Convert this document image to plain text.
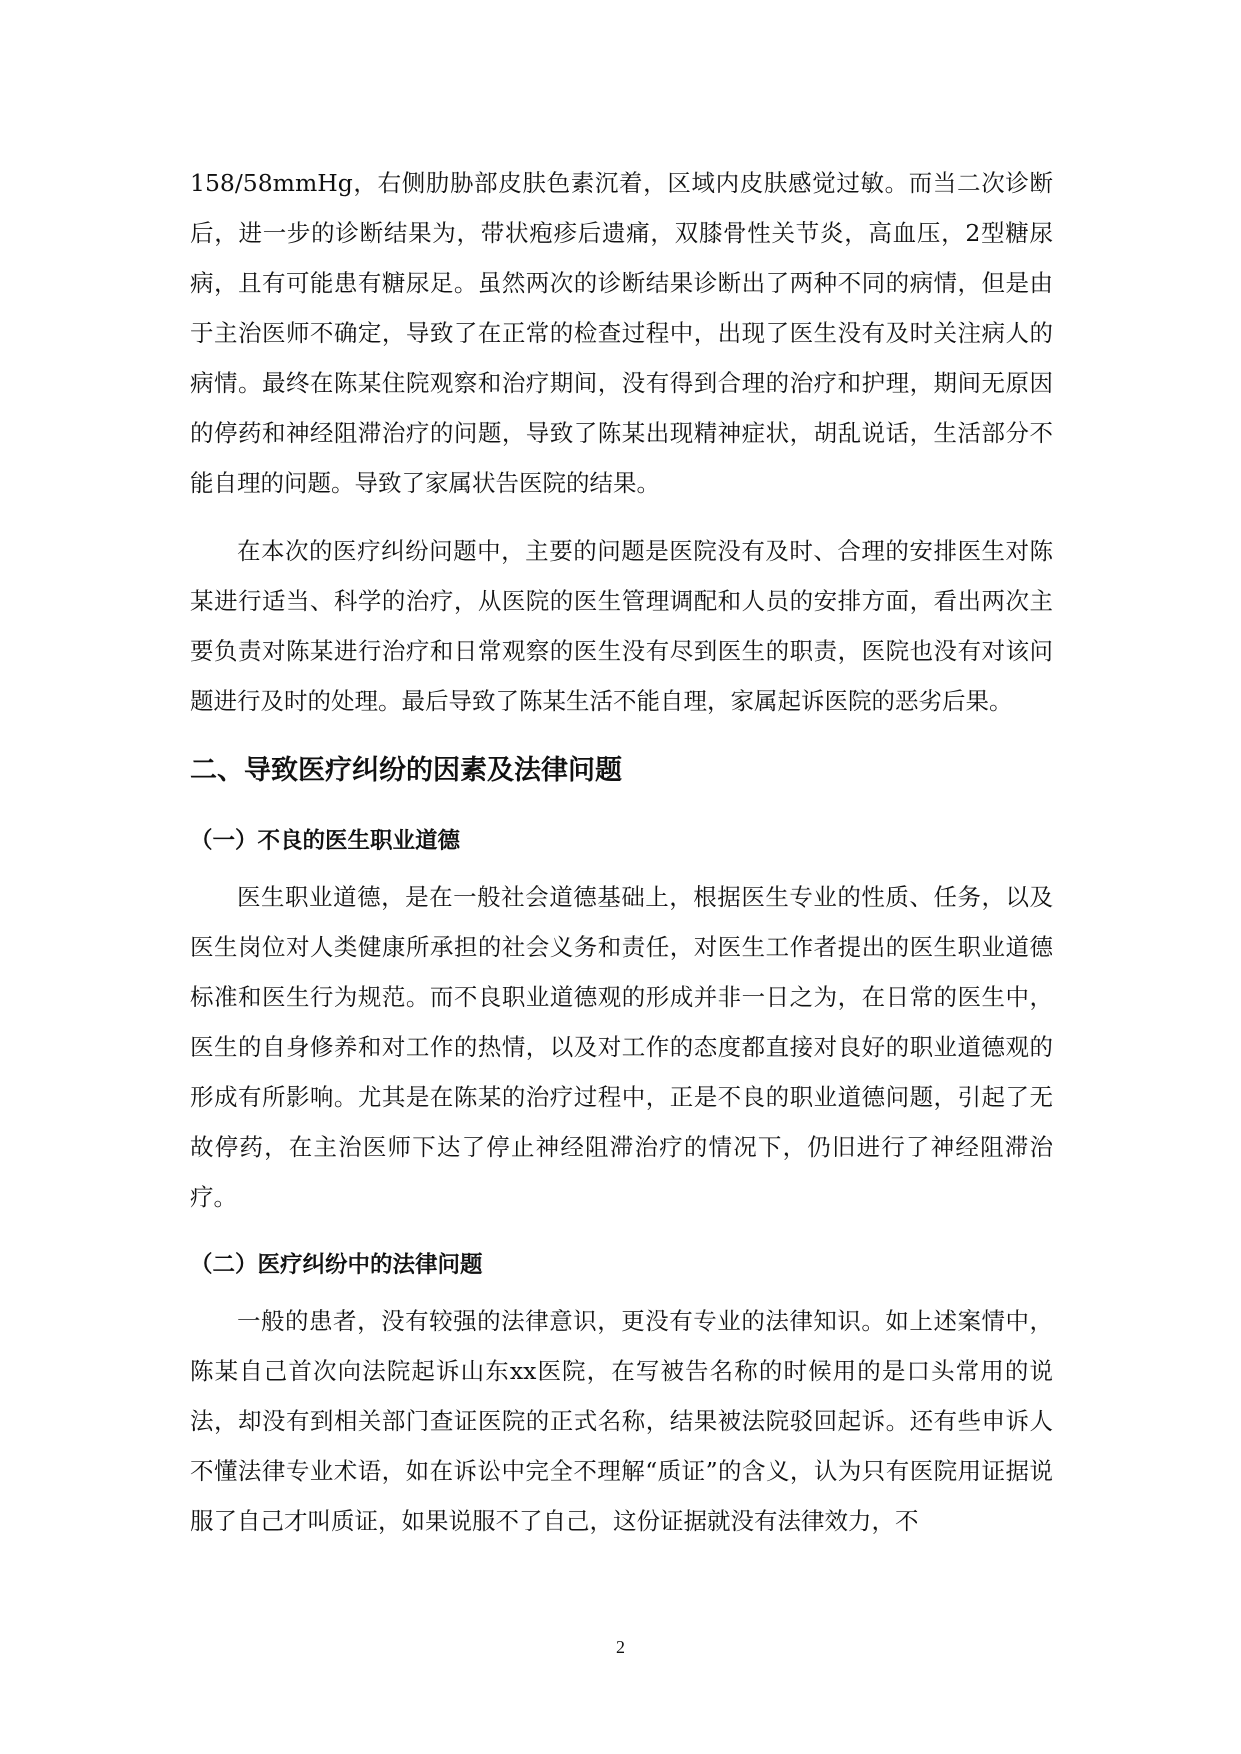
158/58mmHg，右侧肋胁部皮肤色素沉着，区域内皮肤感觉过敏。而当二次诊断后，进一步的诊断结果为，带状疱疹后遗痛，双膝骨性关节炎，高血压，2型糖尿病，且有可能患有糖尿足。虽然两次的诊断结果诊断出了两种不同的病情，但是由于主治医师不确定，导致了在正常的检查过程中，出现了医生没有及时关注病人的病情。最终在陈某住院观察和治疗期间，没有得到合理的治疗和护理，期间无原因的停药和神经阻滞治疗的问题，导致了陈某出现精神症状，胡乱说话，生活部分不能自理的问题。导致了家属状告医院的结果。

在本次的医疗纠纷问题中，主要的问题是医院没有及时、合理的安排医生对陈某进行适当、科学的治疗，从医院的医生管理调配和人员的安排方面，看出两次主要负责对陈某进行治疗和日常观察的医生没有尽到医生的职责，医院也没有对该问题进行及时的处理。最后导致了陈某生活不能自理，家属起诉医院的恶劣后果。

二、导致医疗纠纷的因素及法律问题
（一）不良的医生职业道德

医生职业道德，是在一般社会道德基础上，根据医生专业的性质、任务，以及医生岗位对人类健康所承担的社会义务和责任，对医生工作者提出的医生职业道德标准和医生行为规范。而不良职业道德观的形成并非一日之为，在日常的医生中，医生的自身修养和对工作的热情，以及对工作的态度都直接对良好的职业道德观的形成有所影响。尤其是在陈某的治疗过程中，正是不良的职业道德问题，引起了无故停药，在主治医师下达了停止神经阻滞治疗的情况下，仍旧进行了神经阻滞治疗。

（二）医疗纠纷中的法律问题

一般的患者，没有较强的法律意识，更没有专业的法律知识。如上述案情中，陈某自己首次向法院起诉山东xx医院，在写被告名称的时候用的是口头常用的说法，却没有到相关部门查证医院的正式名称，结果被法院驳回起诉。还有些申诉人不懂法律专业术语，如在诉讼中完全不理解“质证”的含义，认为只有医院用证据说服了自己才叫质证，如果说服不了自己，这份证据就没有法律效力，不

2
